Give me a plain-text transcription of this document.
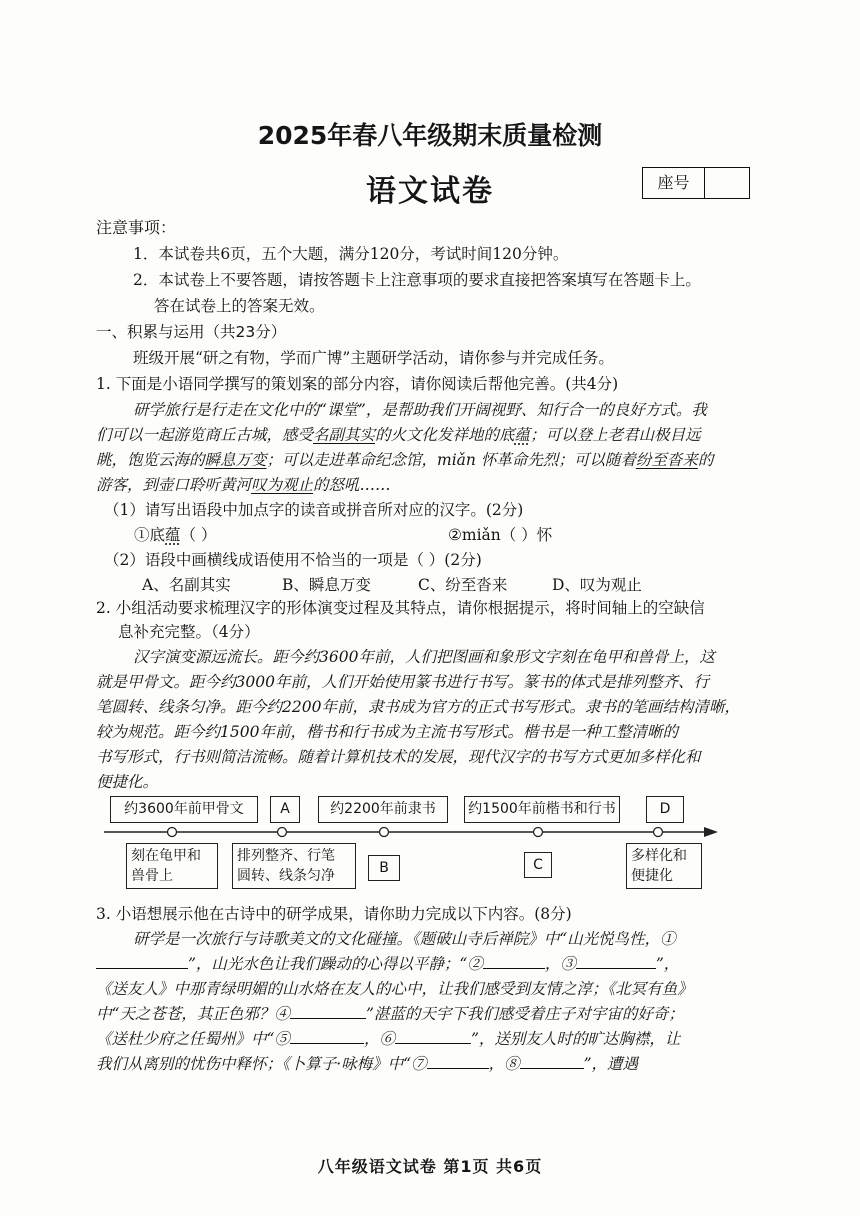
2025年春八年级期末质量检测
语文试卷	座号
注意事项：
1．本试卷共6页，五个大题，满分120分，考试时间120分钟。
2．本试卷上不要答题，请按答题卡上注意事项的要求直接把答案填写在答题卡上。
答在试卷上的答案无效。
一、积累与运用（共23分）
班级开展“研之有物，学而广博”主题研学活动，请你参与并完成任务。
1. 下面是小语同学撰写的策划案的部分内容，请你阅读后帮他完善。(共4分)
研学旅行是行走在文化中的“课堂”，是帮助我们开阔视野、知行合一的良好方式。我
们可以一起游览商丘古城，感受名副其实的火文化发祥地的底蕴；可以登上老君山极目远
眺，饱览云海的瞬息万变；可以走进革命纪念馆，miǎn 怀革命先烈；可以随着纷至沓来的
游客，到壶口聆听黄河叹为观止的怒吼……
（1）请写出语段中加点字的读音或拼音所对应的汉字。(2分)
①底蕴（ ）	②miǎn（ ）怀
（2）语段中画横线成语使用不恰当的一项是（ ）(2分)
A、名副其实	B、瞬息万变	C、纷至沓来	D、叹为观止
2. 小组活动要求梳理汉字的形体演变过程及其特点，请你根据提示，将时间轴上的空缺信
息补充完整。（4分）
汉字演变源远流长。距今约3600年前，人们把图画和象形文字刻在龟甲和兽骨上，这
就是甲骨文。距今约3000年前，人们开始使用篆书进行书写。篆书的体式是排列整齐、行
笔圆转、线条匀净。距今约2200年前，隶书成为官方的正式书写形式。隶书的笔画结构清晰，
较为规范。距今约1500年前，楷书和行书成为主流书写形式。楷书是一种工整清晰的
书写形式，行书则简洁流畅。随着计算机技术的发展，现代汉字的书写方式更加多样化和
便捷化。
约3600年前甲骨文	A	约2200年前隶书	约1500年前楷书和行书	D
刻在龟甲和
兽骨上
排列整齐、行笔
圆转、线条匀净	B	C
多样化和
便捷化
3. 小语想展示他在古诗中的研学成果，请你助力完成以下内容。(8分)
研学是一次旅行与诗歌美文的文化碰撞。《题破山寺后禅院》中“山光悦鸟性，①
”，山光水色让我们躁动的心得以平静；“②	，③	”，
《送友人》中那青绿明媚的山水烙在友人的心中，让我们感受到友情之淳；《北冥有鱼》
中“天之苍苍，其正色邪？④	”湛蓝的天宇下我们感受着庄子对宇宙的好奇；
《送杜少府之任蜀州》中“⑤	，⑥	”，送别友人时的旷达胸襟，让
我们从离别的忧伤中释怀；《卜算子·咏梅》中“⑦	，⑧	”，遭遇
八年级语文试卷 第1页 共6页
